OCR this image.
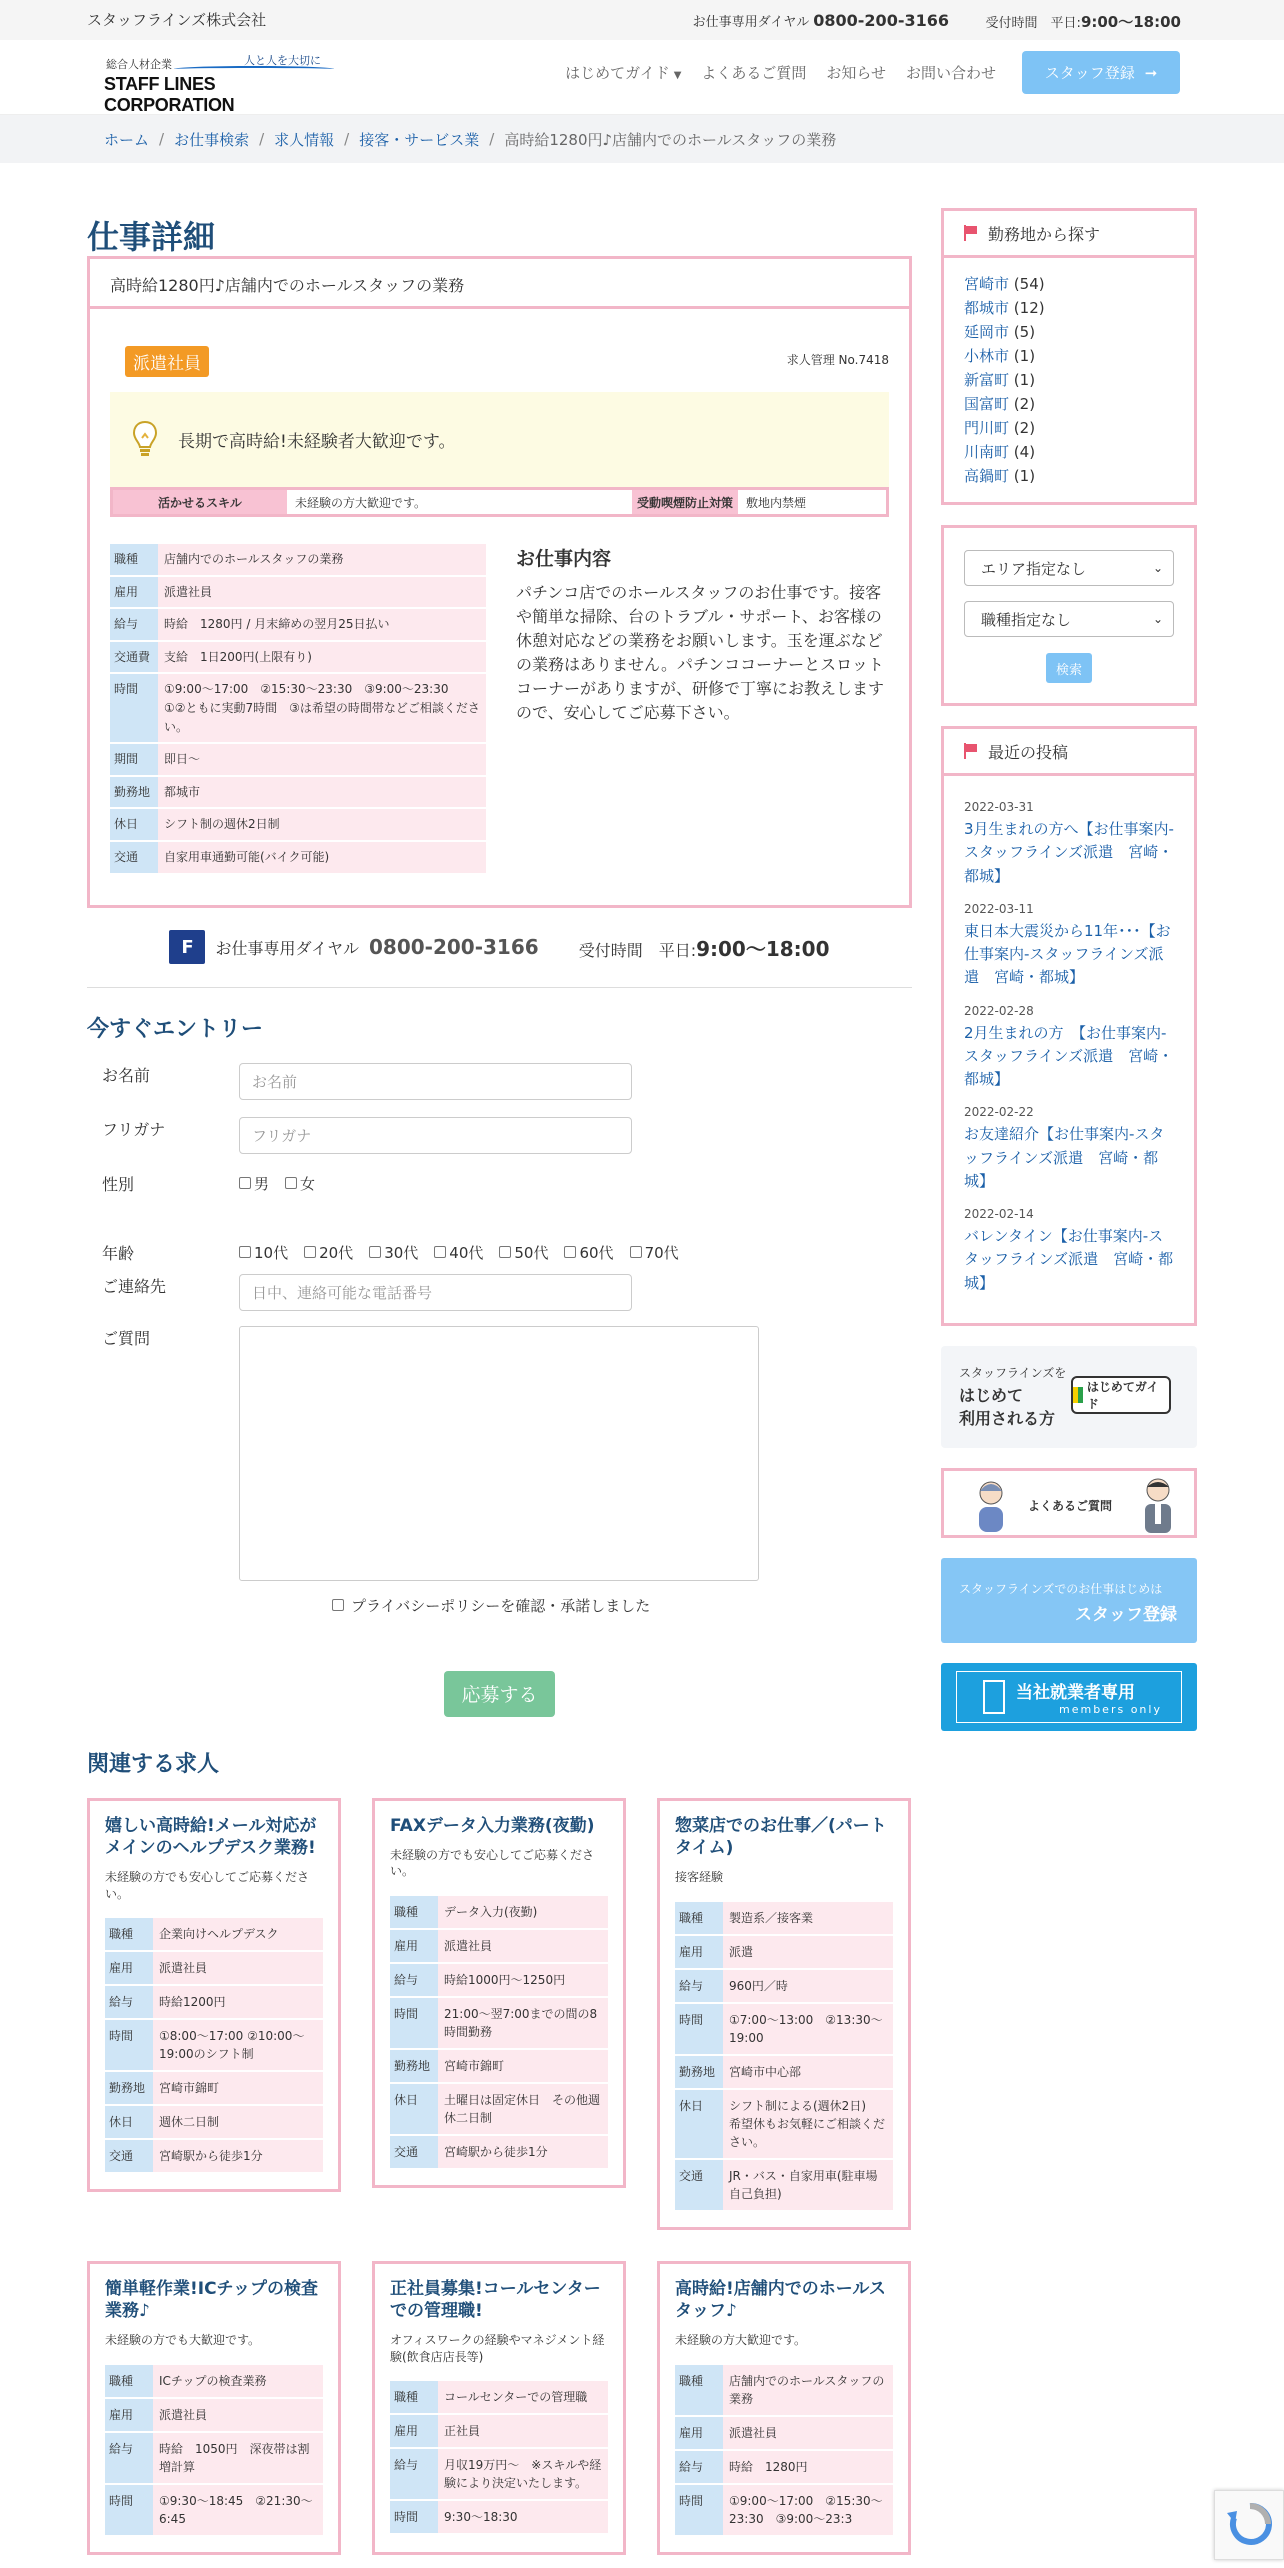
スタッフラインズ株式会社	お仕事専用ダイヤル 0800-200-3166	受付時間　平日:9:00〜18:00
総合人材企業	人と人を大切に
STAFF LINES CORPORATION
はじめてガイド ▼ よくあるご質問 お知らせ お問い合わせ	スタッフ登録 ➞
ホーム / お仕事検索 / 求人情報 / 接客・サービス業 / 高時給1280円♪店舗内でのホールスタッフの業務
仕事詳細
高時給1280円♪店舗内でのホールスタッフの業務
派遣社員	求人管理 No.7418
長期で高時給!未経験者大歓迎です。
活かせるスキル	未経験の方大歓迎です。	受動喫煙防止対策	敷地内禁煙
職種	店舗内でのホールスタッフの業務
雇用	派遣社員
給与	時給　1280円 / 月末締めの翌月25日払い
交通費	支給　1日200円(上限有り)
時間	①9:00〜17:00　②15:30〜23:30　③9:00〜23:30
①②ともに実動7時間　③は希望の時間帯などご相談ください。
期間	即日〜
勤務地	都城市
休日	シフト制の週休2日制
交通	自家用車通勤可能(バイク可能)
お仕事内容

パチンコ店でのホールスタッフのお仕事です。接客や簡単な掃除、台のトラブル・サポート、お客様の休憩対応などの業務をお願いします。玉を運ぶなどの業務はありません。パチンココーナーとスロットコーナーがありますが、研修で丁寧にお教えしますので、安心してご応募下さい。

F	お仕事専用ダイヤル 0800-200-3166	受付時間　平日:9:00〜18:00
今すぐエントリー
お名前	お名前
フリガナ	フリガナ
性別	男 女
年齢	10代 20代 30代 40代 50代 60代 70代
ご連絡先	日中、連絡可能な電話番号
ご質問
プライバシーポリシーを確認・承諾しました
応募する
関連する求人
嬉しい高時給!メール対応がメインのヘルプデスク業務!
未経験の方でも安心してご応募ください。
職種	企業向けヘルプデスク
雇用	派遣社員
給与	時給1200円
時間	①8:00〜17:00 ②10:00〜19:00のシフト制
勤務地	宮崎市錦町
休日	週休二日制
交通	宮崎駅から徒歩1分
FAXデータ入力業務(夜勤)
未経験の方でも安心してご応募ください。
職種	データ入力(夜勤)
雇用	派遣社員
給与	時給1000円〜1250円
時間	21:00〜翌7:00までの間の8時間勤務
勤務地	宮崎市錦町
休日	土曜日は固定休日　その他週休二日制
交通	宮崎駅から徒歩1分
惣菜店でのお仕事／(パートタイム)
接客経験
職種	製造系／接客業
雇用	派遣
給与	960円／時
時間	①7:00〜13:00　②13:30〜19:00
勤務地	宮崎市中心部
休日	シフト制による(週休2日)　希望休もお気軽にご相談ください。
交通	JR・バス・自家用車(駐車場自己負担)
簡単軽作業!ICチップの検査業務♪
未経験の方でも大歓迎です。
職種	ICチップの検査業務
雇用	派遣社員
給与	時給　1050円　深夜帯は割増計算
時間	①9:30〜18:45　②21:30〜6:45
正社員募集!コールセンターでの管理職!
オフィスワークの経験やマネジメント経験(飲食店店長等)
職種	コールセンターでの管理職
雇用	正社員
給与	月収19万円〜　※スキルや経験により決定いたします。
時間	9:30〜18:30
高時給!店舗内でのホールスタッフ♪
未経験の方大歓迎です。
職種	店舗内でのホールスタッフの業務
雇用	派遣社員
給与	時給　1280円
時間	①9:00〜17:00　②15:30〜23:30　③9:00〜23:3
勤務地から探す
宮崎市 (54)
都城市 (12)
延岡市 (5)
小林市 (1)
新富町 (1)
国富町 (2)
門川町 (2)
川南町 (4)
高鍋町 (1)
エリア指定なし	⌄
職種指定なし	⌄
検索
最近の投稿
2022-03-31
3月生まれの方へ【お仕事案内-スタッフラインズ派遣　宮崎・都城】
2022-03-11
東日本大震災から11年･･･【お仕事案内-スタッフラインズ派遣　宮崎・都城】
2022-02-28
2月生まれの方　【お仕事案内-スタッフラインズ派遣　宮崎・都城】
2022-02-22
お友達紹介【お仕事案内-スタッフラインズ派遣　宮崎・都城】
2022-02-14
バレンタイン【お仕事案内-スタッフラインズ派遣　宮崎・都城】
スタッフラインズを
はじめて
利用される方
はじめてガイド
よくあるご質問
スタッフラインズでのお仕事はじめは
スタッフ登録
当社就業者専用
members only
